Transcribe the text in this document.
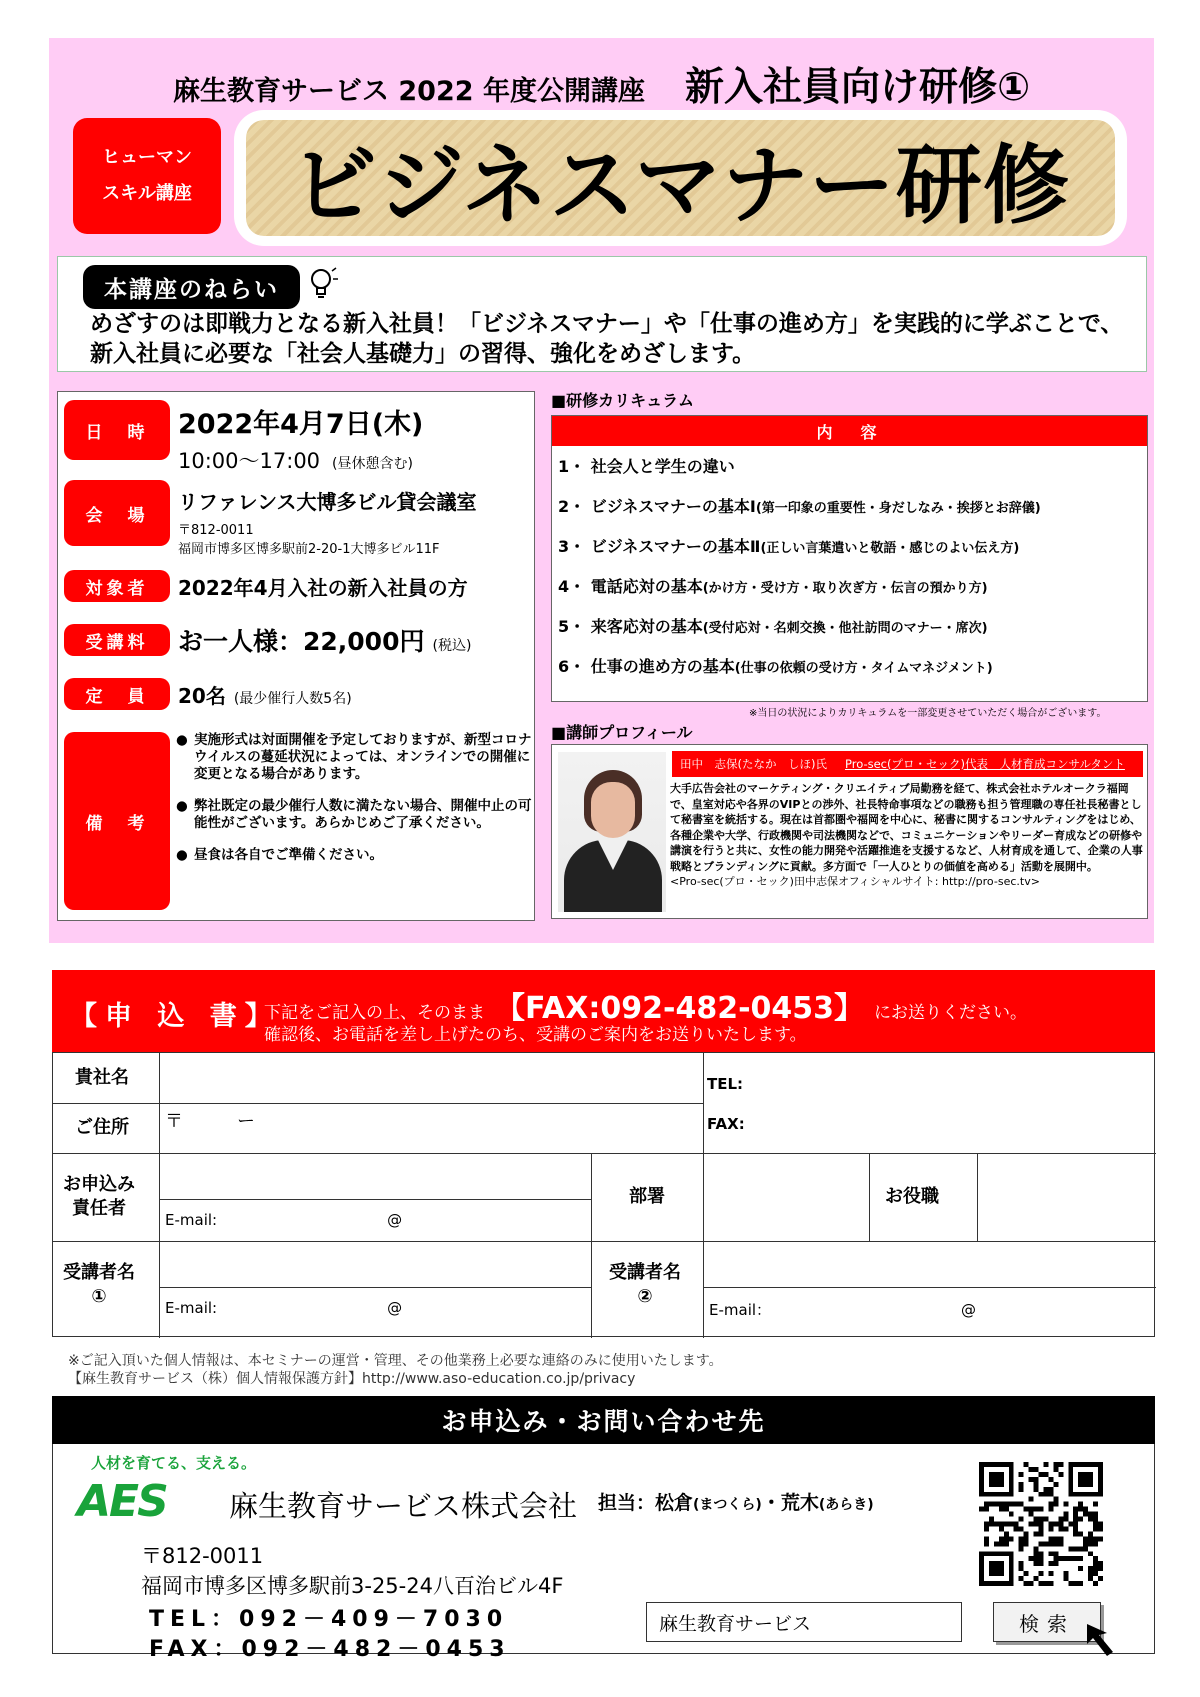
麻生教育サービス 2022 年度公開講座 新入社員向け研修①
ヒューマン
スキル講座 ビジネスマナー研修
本講座のねらい
めざすのは即戦力となる新入社員！「ビジネスマナー」や「仕事の進め方」を実践的に学ぶことで、新入社員に必要な「社会人基礎力」の習得、強化をめざします。
日　時	2022年4月7日(木)
10:00～17:00 (昼休憩含む)
会　場
リファレンス大博多ビル貸会議室
〒812-0011
福岡市博多区博多駅前2-20-1大博多ビル11F
対象者	2022年4月入社の新入社員の方
受講料	お一人様：22,000円 (税込)
定　員	20名 (最少催行人数5名)
備　考
● 実施形式は対面開催を予定しておりますが、新型コロナウイルスの蔓延状況によっては、オンラインでの開催に変更となる場合があります。
● 弊社既定の最少催行人数に満たない場合、開催中止の可能性がございます。あらかじめご了承ください。
● 昼食は各自でご準備ください。
■研修カリキュラム
内　容
1・ 社会人と学生の違い
2・ ビジネスマナーの基本Ⅰ(第一印象の重要性・身だしなみ・挨拶とお辞儀)
3・ ビジネスマナーの基本Ⅱ(正しい言葉遣いと敬語・感じのよい伝え方)
4・ 電話応対の基本(かけ方・受け方・取り次ぎ方・伝言の預かり方)
5・ 来客応対の基本(受付応対・名刺交換・他社訪問のマナー・席次)
6・ 仕事の進め方の基本(仕事の依頼の受け方・タイムマネジメント)
※当日の状況によりカリキュラムを一部変更させていただく場合がございます。
■講師プロフィール
田中　志保(たなか　しほ)氏 Pro-sec(プロ・セック)代表　人材育成コンサルタント
大手広告会社のマーケティング・クリエイティブ局勤務を経て、株式会社ホテルオークラ福岡で、皇室対応や各界のVIPとの渉外、社長特命事項などの職務も担う管理職の専任社長秘書として秘書室を統括する。現在は首都圏や福岡を中心に、秘書に関するコンサルティングをはじめ、各種企業や大学、行政機関や司法機関などで、コミュニケーションやリーダー育成などの研修や講演を行うと共に、女性の能力開発や活躍推進を支援するなど、人材育成を通して、企業の人事戦略とブランディングに貢献。多方面で「一人ひとりの価値を高める」活動を展開中。
<Pro-sec(プロ・セック)田中志保オフィシャルサイト: http://pro-sec.tv>
【申 込 書】
下記をご記入の上、そのまま 【FAX:092-482-0453】 にお送りください。
確認後、お電話を差し上げたのち、受講のご案内をお送りいたします。
貴社名
ご住所 〒　　　ー
TEL:
FAX:
お申込み
責任者
E-mail:	@
部署	お役職
受講者名
①
E-mail:	@
受講者名
②
E-mail：	@
※ご記入頂いた個人情報は、本セミナーの運営・管理、その他業務上必要な連絡のみに使用いたします。
【麻生教育サービス（株）個人情報保護方針】http://www.aso-education.co.jp/privacy
お申込み・お問い合わせ先
人材を育てる、支える。
AES 麻生教育サービス株式会社
〒812-0011
福岡市博多区博多駅前3-25-24八百治ビル4F
TEL：092－409－7030
FAX：092－482－0453
担当：松倉(まつくら)・荒木(あらき)
麻生教育サービス	検索
